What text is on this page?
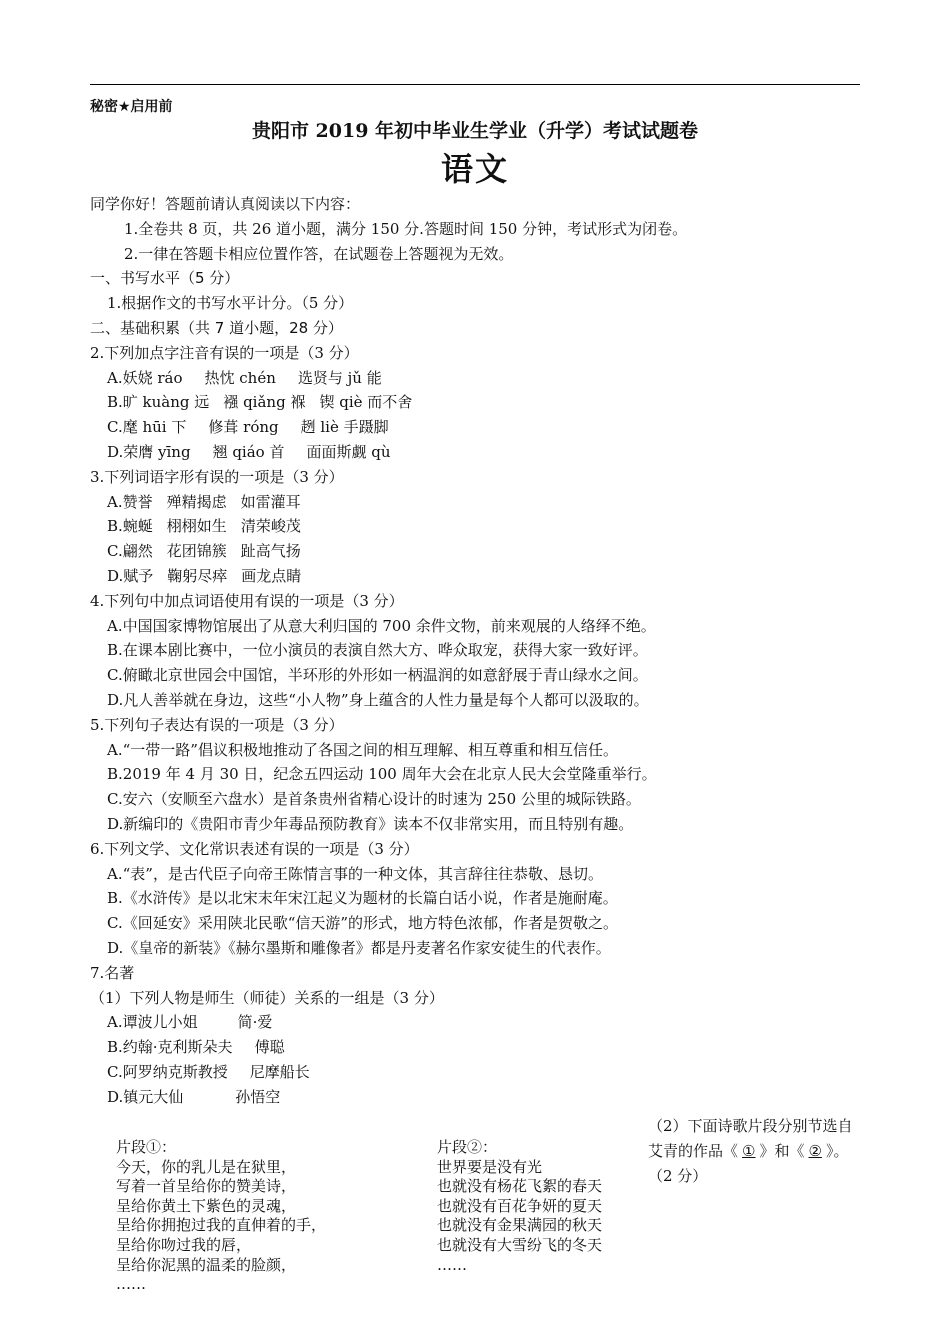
秘密★启用前
贵阳市 2019 年初中毕业生学业（升学）考试试题卷
语文
同学你好！答题前请认真阅读以下内容：
1.全卷共 8 页，共 26 道小题，满分 150 分.答题时间 150 分钟，考试形式为闭卷。
2.一律在答题卡相应位置作答，在试题卷上答题视为无效。
一、书写水平（5 分）
1.根据作文的书写水平计分。（5 分）
二、基础积累（共 7 道小题，28 分）
2.下列加点字注音有误的一项是（3 分）
A.妖娆 ráo 热忱 chén 选贤与 jǔ 能
B.旷 kuàng 远 襁 qiǎng 褓 锲 qiè 而不舍
C.麾 hūi 下 修葺 róng 趔 liè 手蹑脚
D.荣膺 yīng 翘 qiáo 首 面面斯觑 qù
3.下列词语字形有误的一项是（3 分）
A.赞誉 殚精揭虑 如雷灌耳
B.蜿蜒 栩栩如生 清荣峻茂
C.翩然 花团锦簇 趾高气扬
D.赋予 鞠躬尽瘁 画龙点睛
4.下列句中加点词语使用有误的一项是（3 分）
A.中国国家博物馆展出了从意大利归国的 700 余件文物，前来观展的人络绎不绝。
B.在课本剧比赛中，一位小演员的表演自然大方、哗众取宠，获得大家一致好评。
C.俯瞰北京世园会中国馆，半环形的外形如一柄温润的如意舒展于青山绿水之间。
D.凡人善举就在身边，这些“小人物”身上蕴含的人性力量是每个人都可以汲取的。
5.下列句子表达有误的一项是（3 分）
A.“一带一路”倡议积极地推动了各国之间的相互理解、相互尊重和相互信任。
B.2019 年 4 月 30 日，纪念五四运动 100 周年大会在北京人民大会堂隆重举行。
C.安六（安顺至六盘水）是首条贵州省精心设计的时速为 250 公里的城际铁路。
D.新编印的《贵阳市青少年毒品预防教育》读本不仅非常实用，而且特别有趣。
6.下列文学、文化常识表述有误的一项是（3 分）
A.“表”，是古代臣子向帝王陈情言事的一种文体，其言辞往往恭敬、恳切。
B.《水浒传》是以北宋末年宋江起义为题材的长篇白话小说，作者是施耐庵。
C.《回延安》采用陕北民歌“信天游”的形式，地方特色浓郁，作者是贺敬之。
D.《皇帝的新装》《赫尔墨斯和雕像者》都是丹麦著名作家安徒生的代表作。
7.名著
（1）下列人物是师生（师徒）关系的一组是（3 分）
A.谭波儿小姐	简·爱
B.约翰·克利斯朵夫 傅聪
C.阿罗纳克斯教授 尼摩船长
D.镇元大仙	孙悟空
（2）下面诗歌片段分别节选自艾青的作品《 ① 》和《 ② 》。（2 分）
片段①：
今天，你的乳儿是在狱里，
写着一首呈给你的赞美诗，
呈给你黄土下紫色的灵魂，
呈给你拥抱过我的直伸着的手，
呈给你吻过我的唇，
呈给你泥黑的温柔的脸颜，
……
片段②：
世界要是没有光
也就没有杨花飞絮的春天
也就没有百花争妍的夏天
也就没有金果满园的秋天
也就没有大雪纷飞的冬天
……
